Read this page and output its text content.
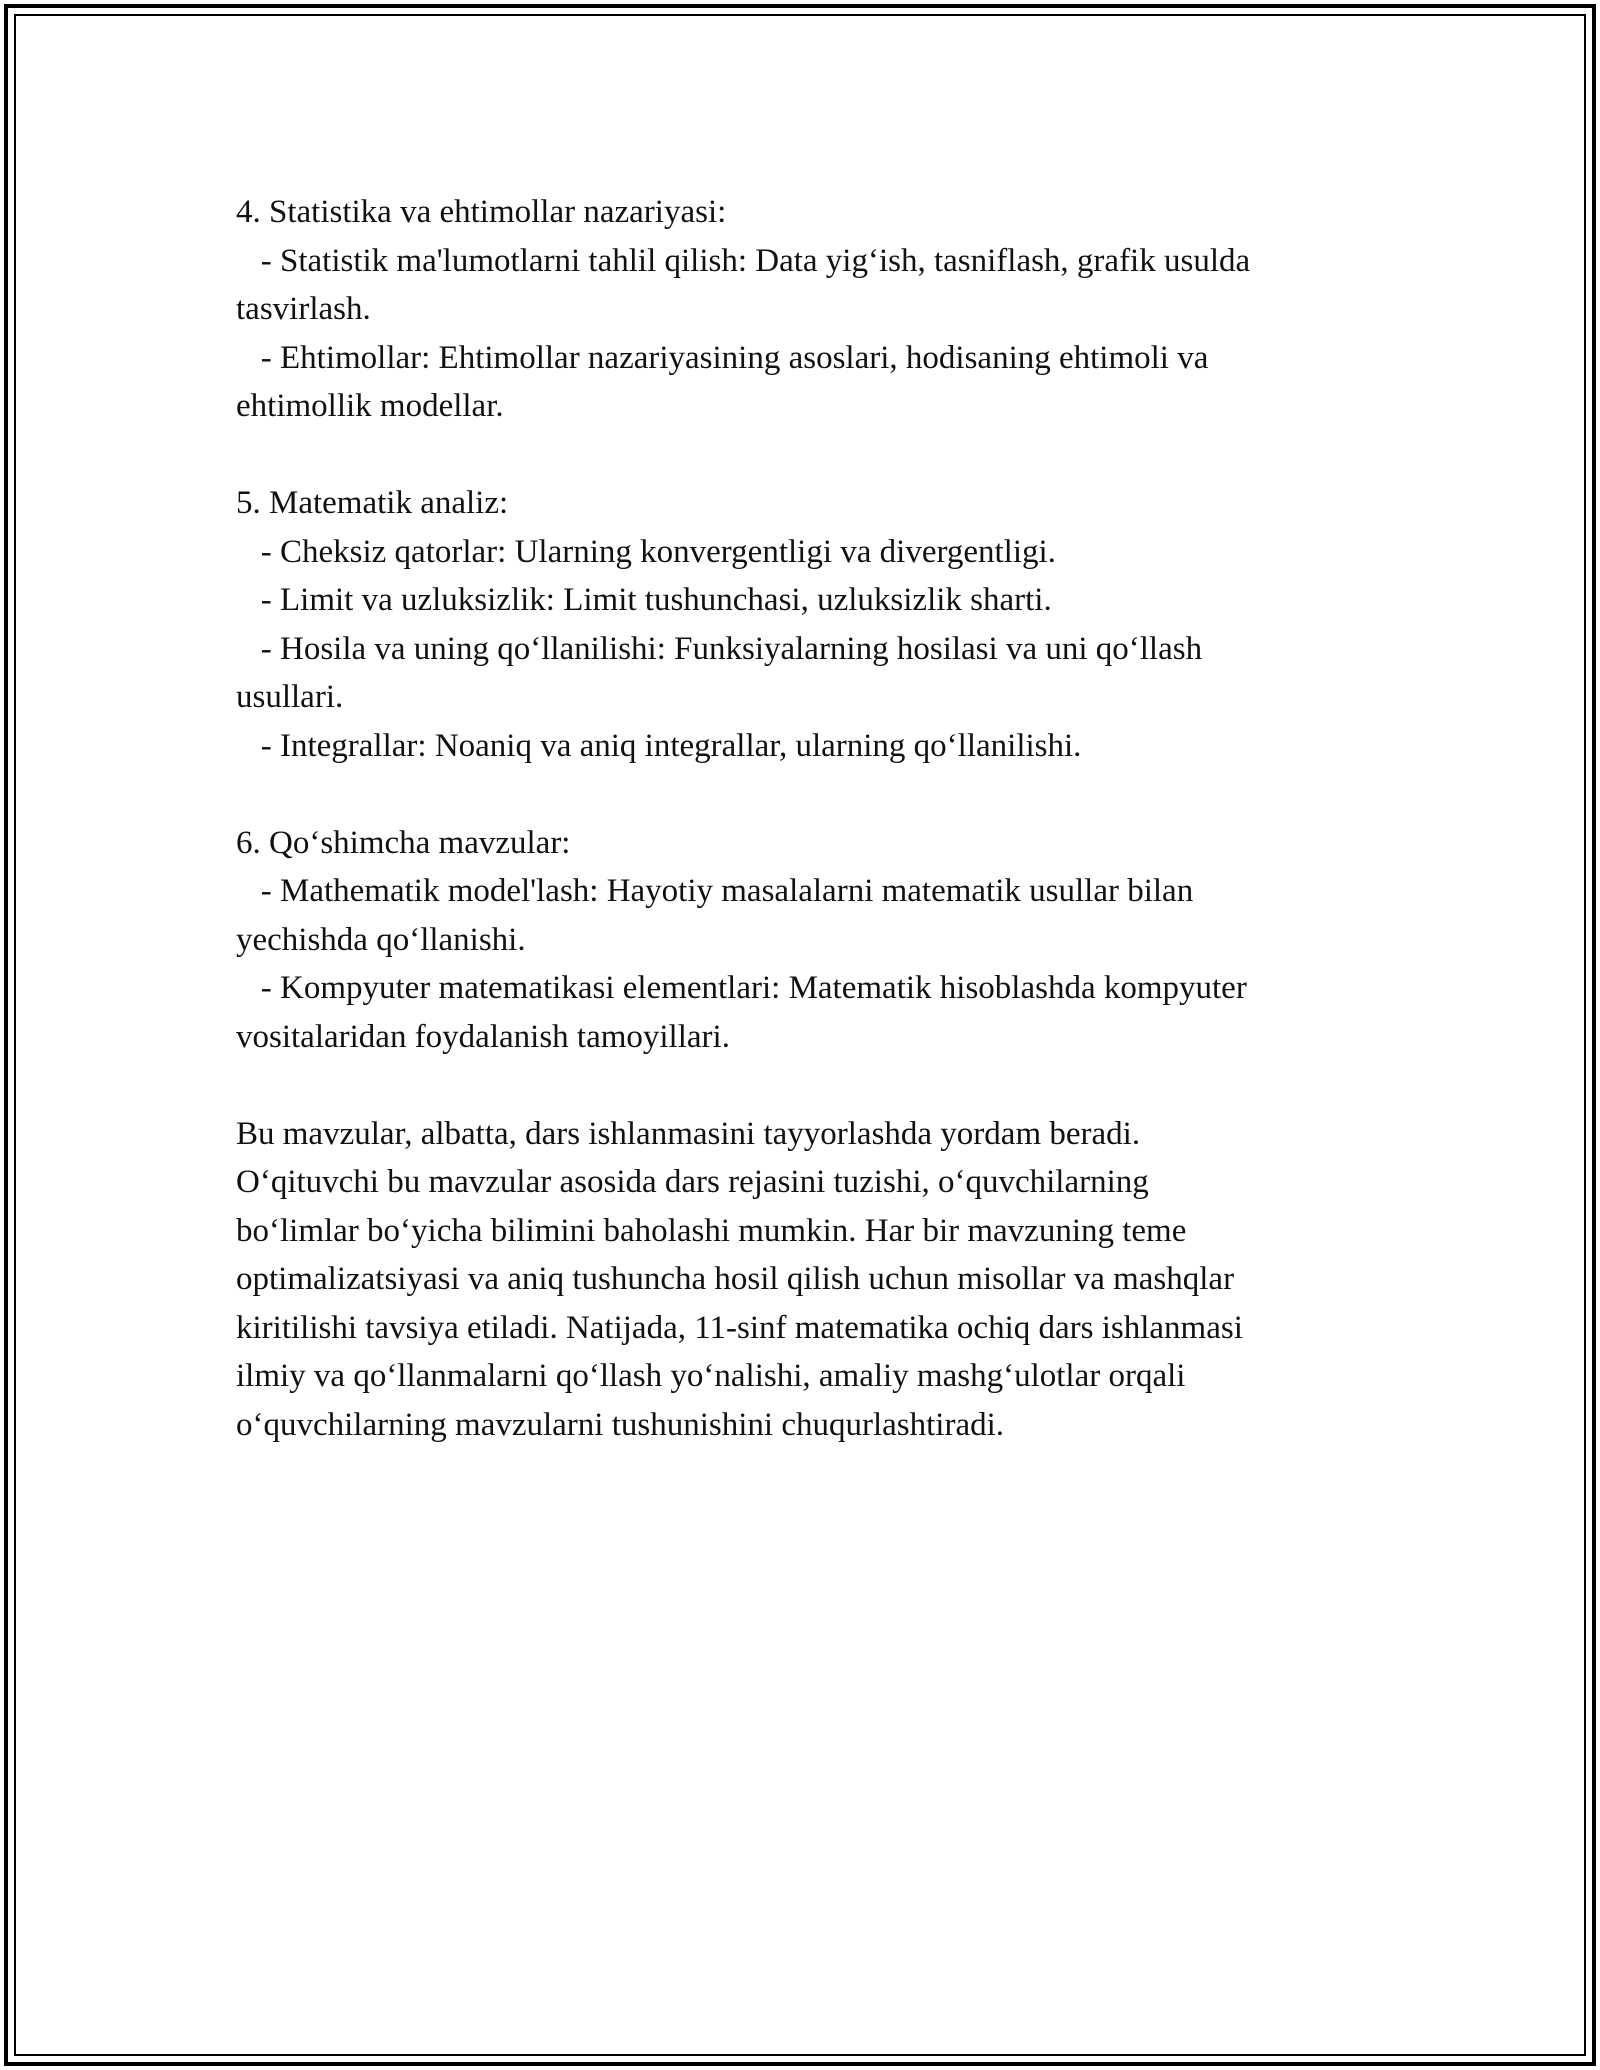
4. Statistika va ehtimollar nazariyasi:
- Statistik ma'lumotlarni tahlil qilish: Data yig‘ish, tasniflash, grafik usulda
tasvirlash.
- Ehtimollar: Ehtimollar nazariyasining asoslari, hodisaning ehtimoli va
ehtimollik modellar.
5. Matematik analiz:
- Cheksiz qatorlar: Ularning konvergentligi va divergentligi.
- Limit va uzluksizlik: Limit tushunchasi, uzluksizlik sharti.
- Hosila va uning qo‘llanilishi: Funksiyalarning hosilasi va uni qo‘llash
usullari.
- Integrallar: Noaniq va aniq integrallar, ularning qo‘llanilishi.
6. Qo‘shimcha mavzular:
- Mathematik model'lash: Hayotiy masalalarni matematik usullar bilan
yechishda qo‘llanishi.
- Kompyuter matematikasi elementlari: Matematik hisoblashda kompyuter
vositalaridan foydalanish tamoyillari.
Bu mavzular, albatta, dars ishlanmasini tayyorlashda yordam beradi.
O‘qituvchi bu mavzular asosida dars rejasini tuzishi, o‘quvchilarning
bo‘limlar bo‘yicha bilimini baholashi mumkin. Har bir mavzuning teme
optimalizatsiyasi va aniq tushuncha hosil qilish uchun misollar va mashqlar
kiritilishi tavsiya etiladi. Natijada, 11-sinf matematika ochiq dars ishlanmasi
ilmiy va qo‘llanmalarni qo‘llash yo‘nalishi, amaliy mashg‘ulotlar orqali
o‘quvchilarning mavzularni tushunishini chuqurlashtiradi.
